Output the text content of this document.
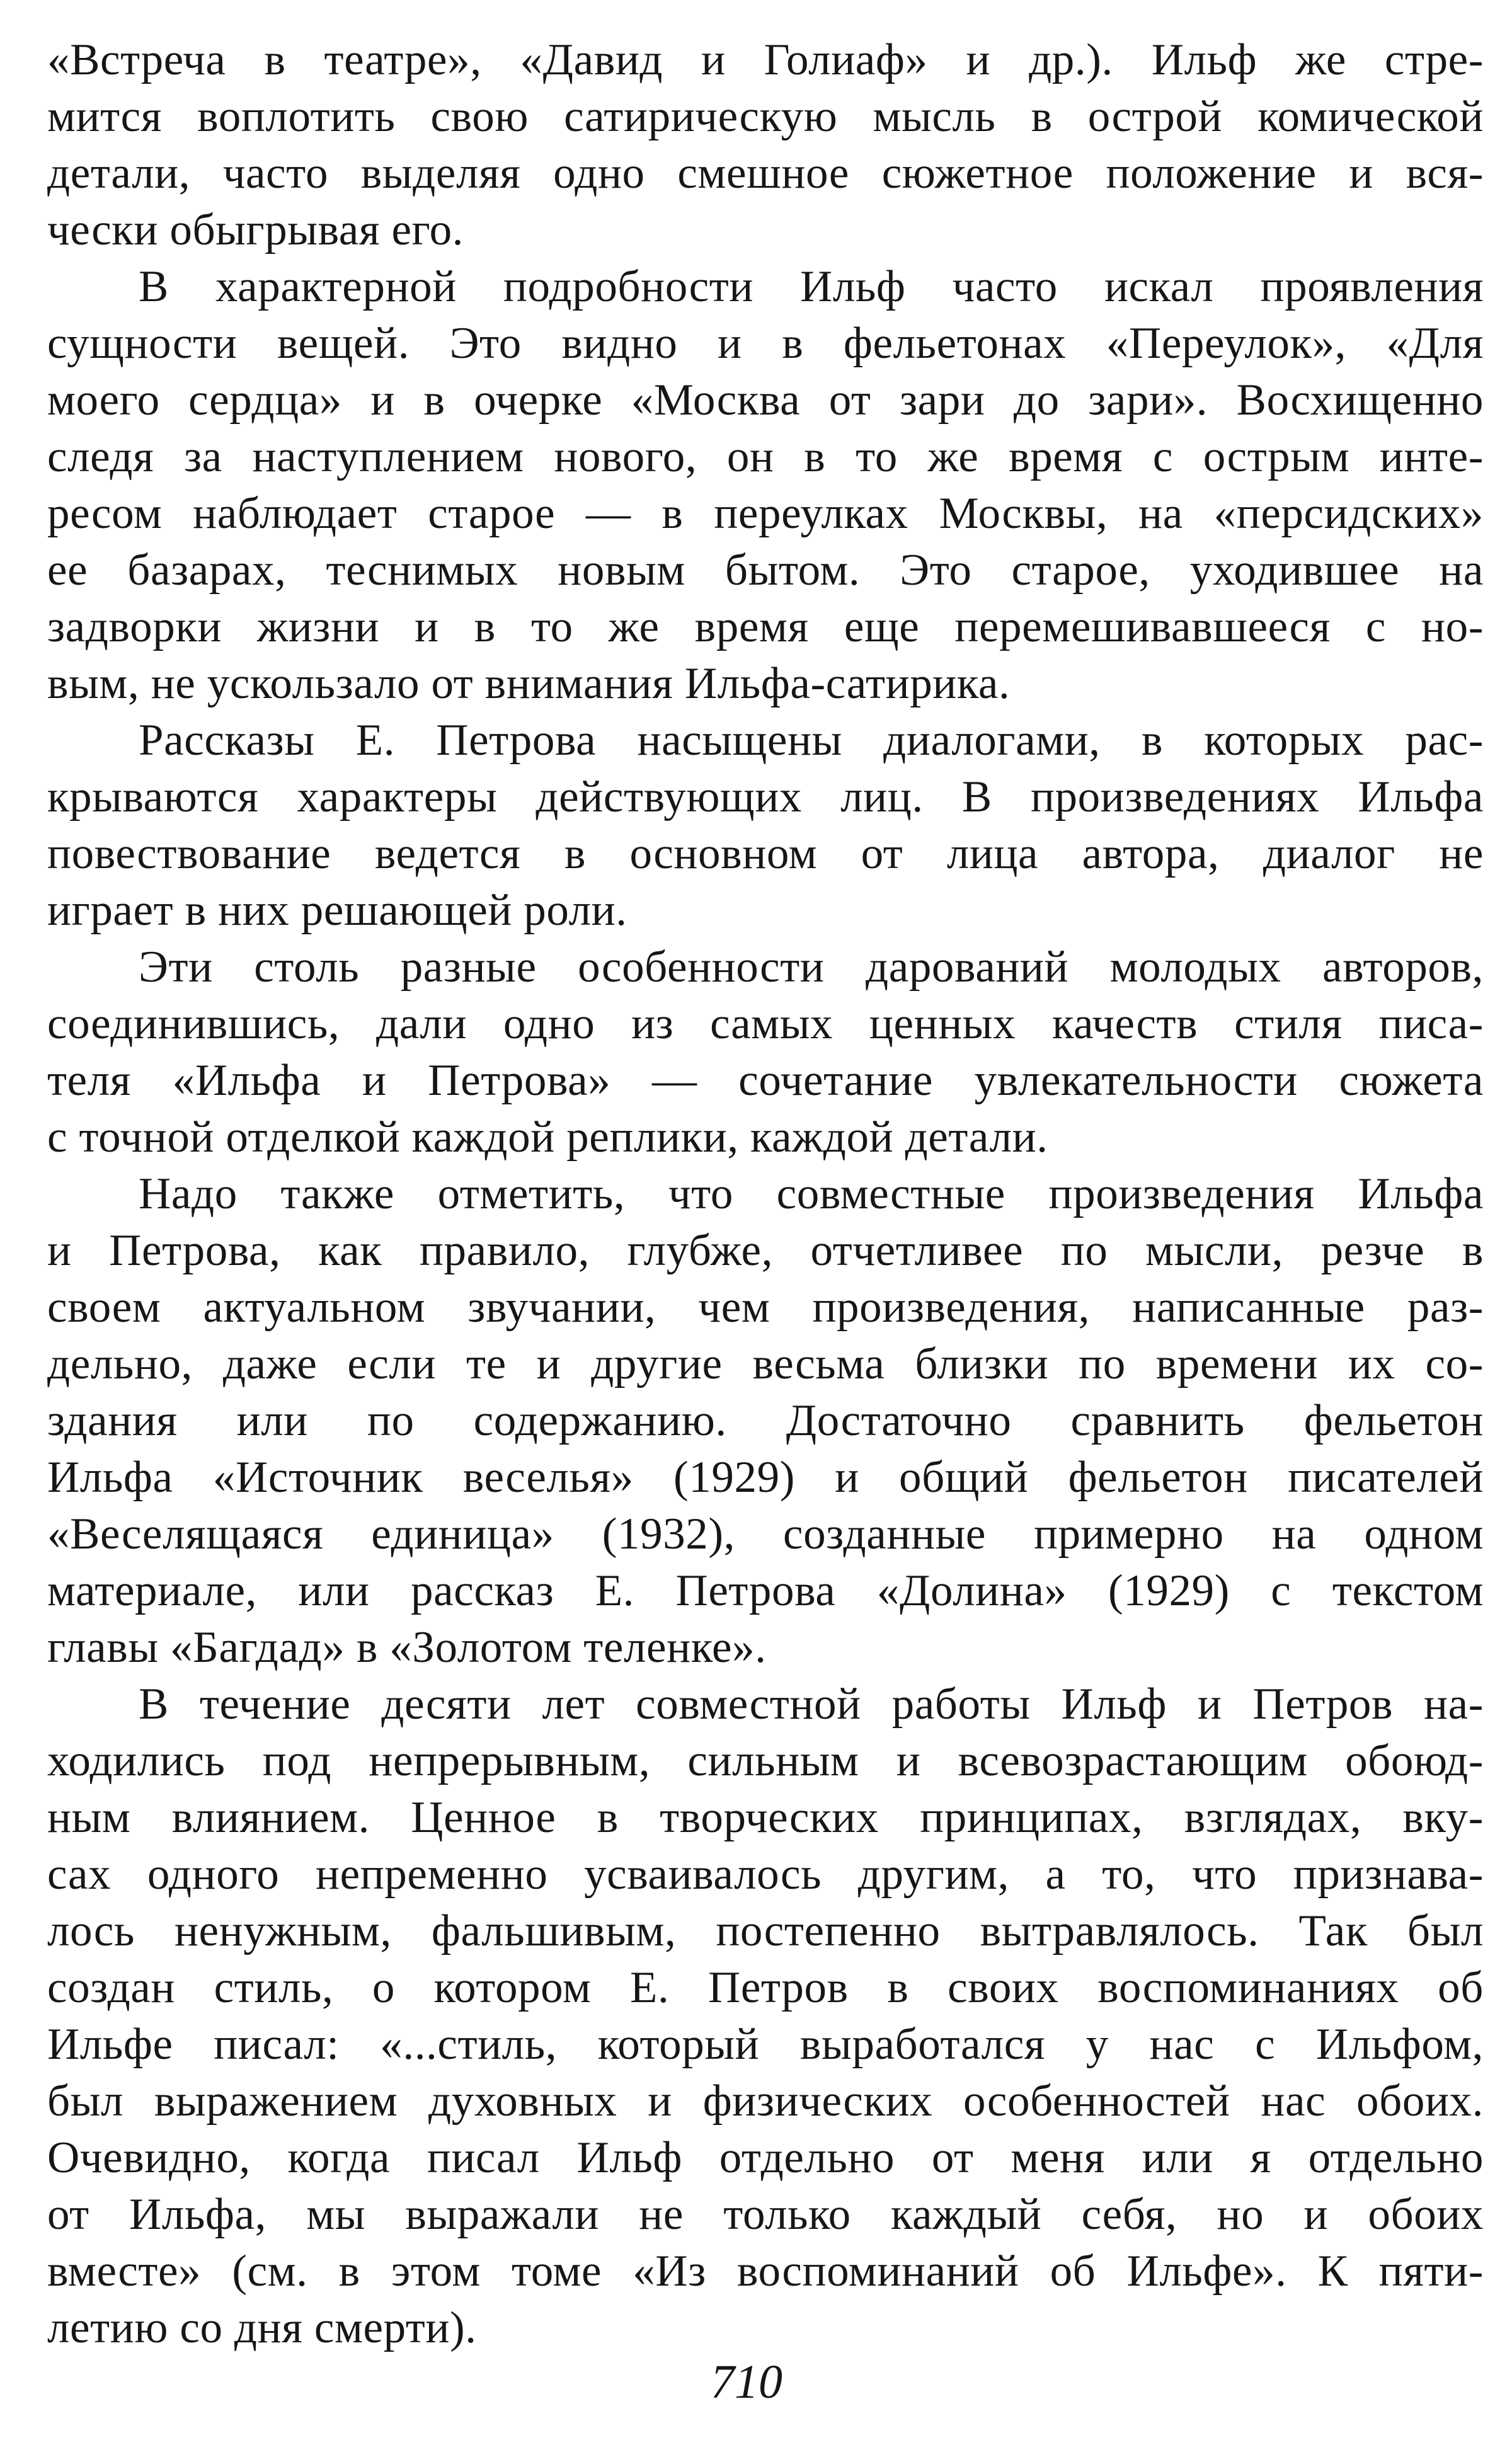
«Встреча в театре», «Давид и Голиаф» и др.). Ильф же стре-
мится воплотить свою сатирическую мысль в острой комической
детали, часто выделяя одно смешное сюжетное положение и вся-
чески обыгрывая его.
В характерной подробности Ильф часто искал проявления
сущности вещей. Это видно и в фельетонах «Переулок», «Для
моего сердца» и в очерке «Москва от зари до зари». Восхищенно
следя за наступлением нового, он в то же время с острым инте-
ресом наблюдает старое — в переулках Москвы, на «персидских»
ее базарах, теснимых новым бытом. Это старое, уходившее на
задворки жизни и в то же время еще перемешивавшееся с но-
вым, не ускользало от внимания Ильфа-сатирика.
Рассказы Е. Петрова насыщены диалогами, в которых рас-
крываются характеры действующих лиц. В произведениях Ильфа
повествование ведется в основном от лица автора, диалог не
играет в них решающей роли.
Эти столь разные особенности дарований молодых авторов,
соединившись, дали одно из самых ценных качеств стиля писа-
теля «Ильфа и Петрова» — сочетание увлекательности сюжета
с точной отделкой каждой реплики, каждой детали.
Надо также отметить, что совместные произведения Ильфа
и Петрова, как правило, глубже, отчетливее по мысли, резче в
своем актуальном звучании, чем произведения, написанные раз-
дельно, даже если те и другие весьма близки по времени их со-
здания или по содержанию. Достаточно сравнить фельетон
Ильфа «Источник веселья» (1929) и общий фельетон писателей
«Веселящаяся единица» (1932), созданные примерно на одном
материале, или рассказ Е. Петрова «Долина» (1929) с текстом
главы «Багдад» в «Золотом теленке».
В течение десяти лет совместной работы Ильф и Петров на-
ходились под непрерывным, сильным и всевозрастающим обоюд-
ным влиянием. Ценное в творческих принципах, взглядах, вку-
сах одного непременно усваивалось другим, а то, что признава-
лось ненужным, фальшивым, постепенно вытравлялось. Так был
создан стиль, о котором Е. Петров в своих воспоминаниях об
Ильфе писал: «...стиль, который выработался у нас с Ильфом,
был выражением духовных и физических особенностей нас обоих.
Очевидно, когда писал Ильф отдельно от меня или я отдельно
от Ильфа, мы выражали не только каждый себя, но и обоих
вместе» (см. в этом томе «Из воспоминаний об Ильфе». К пяти-
летию со дня смерти).
710
